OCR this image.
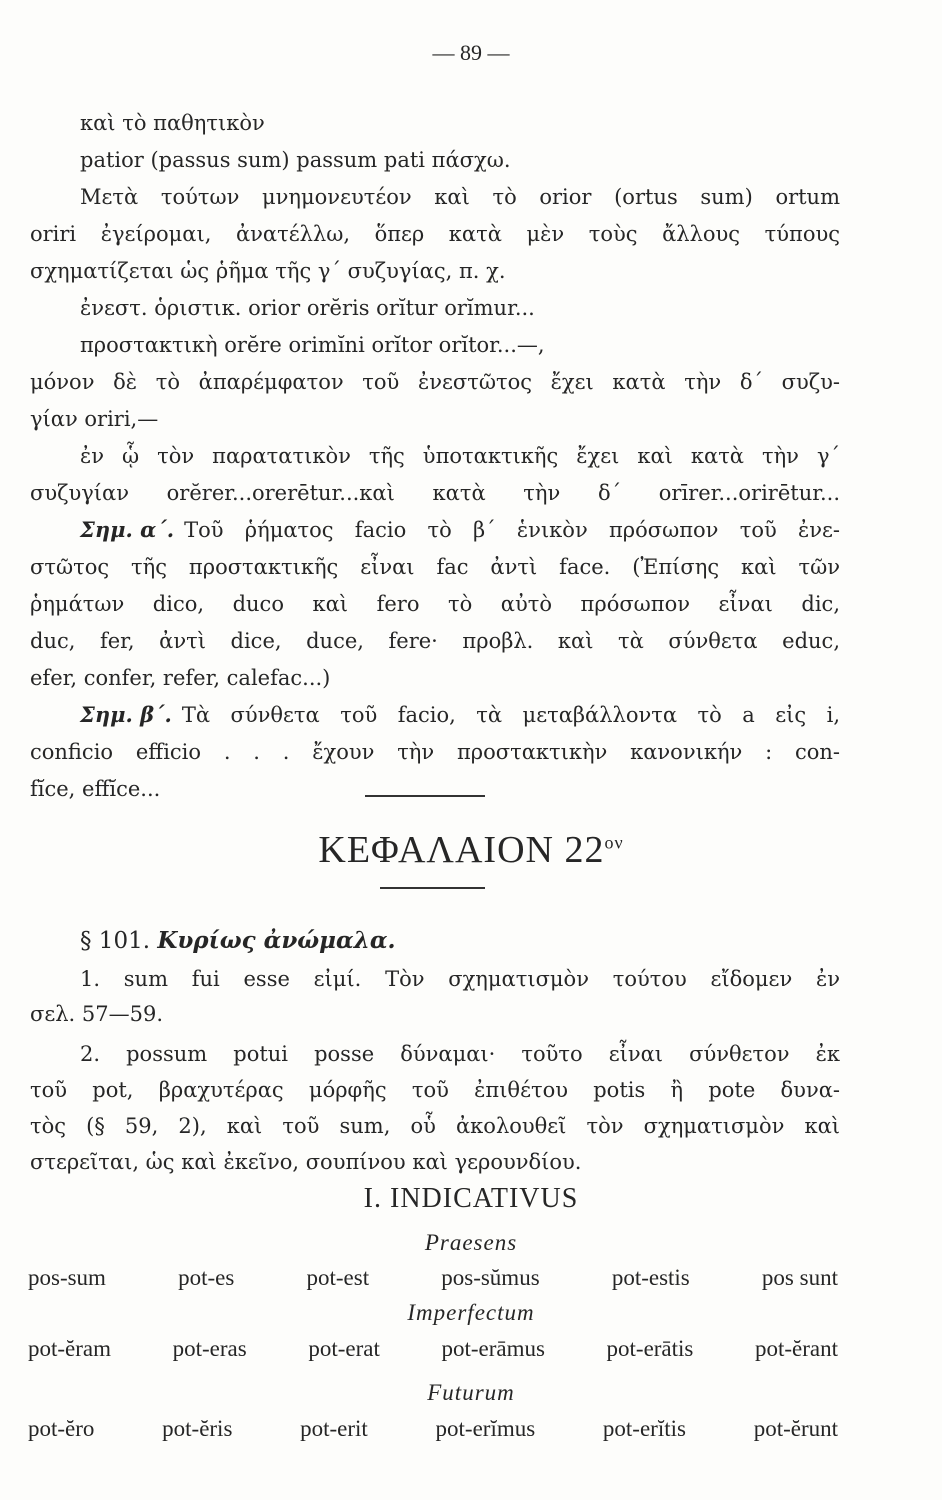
— 89 —
καὶ τὸ παθητικὸν
patior (passus sum) passum pati πάσχω.
Μετὰ τούτων μνημονευτέον καὶ τὸ orior (ortus sum) ortum
oriri ἐγείρομαι, ἀνατέλλω, ὅπερ κατὰ μὲν τοὺς ἄλλους τύπους
σχηματίζεται ὡς ῥῆμα τῆς γ΄ συζυγίας, π. χ.
ἐνεστ. ὁριστικ. orior orĕris orĭtur orĭmur...
προστακτικὴ orĕre orimĭni orĭtor orĭtor...—,
μόνον δὲ τὸ ἀπαρέμφατον τοῦ ἐνεστῶτος ἔχει κατὰ τὴν δ΄ συζυ-
γίαν oriri,—
ἐν ᾧ τὸν παρατατικὸν τῆς ὑποτακτικῆς ἔχει καὶ κατὰ τὴν γ΄
συζυγίαν orĕrer...orerētur...καὶ κατὰ τὴν δ΄ orīrer...orirētur...
Σημ. α΄. Τοῦ ῥήματος facio τὸ β΄ ἑνικὸν πρόσωπον τοῦ ἐνε-
στῶτος τῆς προστακτικῆς εἶναι fac ἀντὶ face. (Ἐπίσης καὶ τῶν
ῥημάτων dico, duco καὶ fero τὸ αὐτὸ πρόσωπον εἶναι dic,
duc, fer, ἀντὶ dice, duce, fere· προβλ. καὶ τὰ σύνθετα educ,
efer, confer, refer, calefac...)
Σημ. β΄. Τὰ σύνθετα τοῦ facio, τὰ μεταβάλλοντα τὸ a εἰς i,
conficio efficio . . . ἔχουν τὴν προστακτικὴν κανονικήν : con-
fĭce, effĭce...
ΚΕΦΑΛΑΙΟΝ $22^{o\nu}$
§ 101. Κυρίως ἀνώμαλα.
1. sum fui esse εἰμί. Τὸν σχηματισμὸν τούτου εἴδομεν ἐν
σελ. 57—59.
2. possum potui posse δύναμαι· τοῦτο εἶναι σύνθετον ἐκ
τοῦ pot, βραχυτέρας μόρφῆς τοῦ ἐπιθέτου potis ἢ pote δυνα-
τὸς (§ 59, 2), καὶ τοῦ sum, οὗ ἀκολουθεῖ τὸν σχηματισμὸν καὶ
στερεῖται, ὡς καὶ ἐκεῖνο, σουπίνου καὶ γερουνδίου.
I. INDICATIVUS
Praesens
pos-sum	pot-es	pot-est	pos-sŭmus	pot-estis	pos sunt
Imperfectum
pot-ĕram	pot-eras	pot-erat	pot-erāmus	pot-erātis	pot-ĕrant
Futurum
pot-ĕro	pot-ĕris	pot-erit	pot-erĭmus	pot-erĭtis	pot-ĕrunt
